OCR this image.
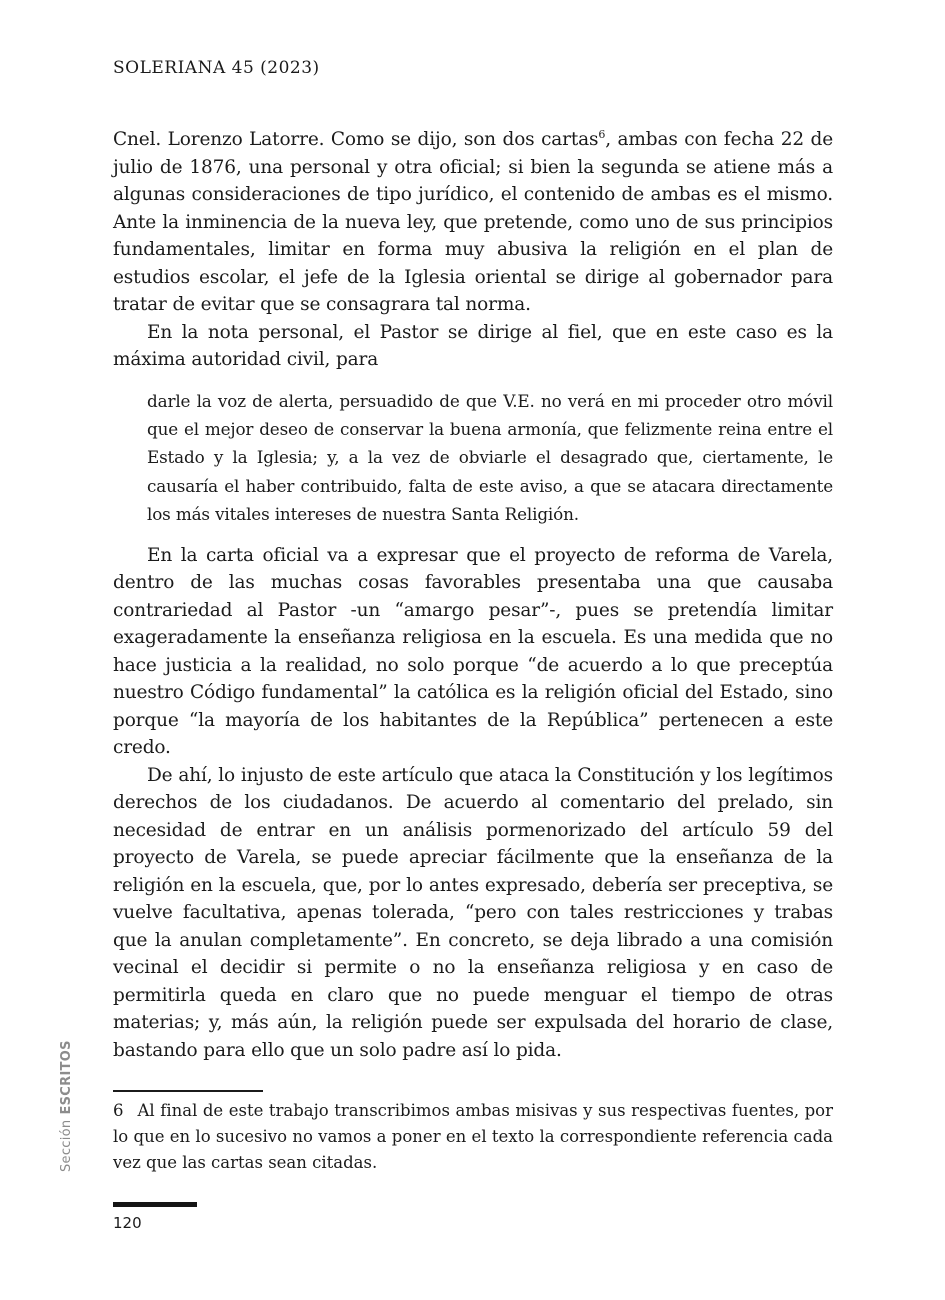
SOLERIANA 45 (2023)

Cnel. Lorenzo Latorre. Como se dijo, son dos cartas$^6$, ambas con fecha 22 de julio de 1876, una personal y otra oficial; si bien la segunda se atiene más a algunas consideraciones de tipo jurídico, el contenido de ambas es el mismo. Ante la inminencia de la nueva ley, que pretende, como uno de sus principios fundamentales, limitar en forma muy abusiva la religión en el plan de estudios escolar, el jefe de la Iglesia oriental se dirige al gobernador para tratar de evitar que se consagrara tal norma.

En la nota personal, el Pastor se dirige al fiel, que en este caso es la máxima autoridad civil, para

darle la voz de alerta, persuadido de que V.E. no verá en mi proceder otro móvil que el mejor deseo de conservar la buena armonía, que felizmente reina entre el Estado y la Iglesia; y, a la vez de obviarle el desagrado que, ciertamente, le causaría el haber contribuido, falta de este aviso, a que se atacara directamente los más vitales intereses de nuestra Santa Religión.

En la carta oficial va a expresar que el proyecto de reforma de Varela, dentro de las muchas cosas favorables presentaba una que causaba contrariedad al Pastor -un “amargo pesar”-, pues se pretendía limitar exageradamente la enseñanza religiosa en la escuela. Es una medida que no hace justicia a la realidad, no solo porque “de acuerdo a lo que preceptúa nuestro Código fundamental” la católica es la religión oficial del Estado, sino porque “la mayoría de los habitantes de la República” pertenecen a este credo.

De ahí, lo injusto de este artículo que ataca la Constitución y los legítimos derechos de los ciudadanos. De acuerdo al comentario del prelado, sin necesidad de entrar en un análisis pormenorizado del artículo 59 del proyecto de Varela, se puede apreciar fácilmente que la enseñanza de la religión en la escuela, que, por lo antes expresado, debería ser preceptiva, se vuelve facultativa, apenas tolerada, “pero con tales restricciones y trabas que la anulan completamente”. En concreto, se deja librado a una comisión vecinal el decidir si permite o no la enseñanza religiosa y en caso de permitirla queda en claro que no puede menguar el tiempo de otras materias; y, más aún, la religión puede ser expulsada del horario de clase, bastando para ello que un solo padre así lo pida.

SecciónESCRITOS 6 Al final de este trabajo transcribimos ambas misivas y sus respectivas fuentes, por lo que en lo sucesivo no vamos a poner en el texto la correspondiente referencia cada vez que las cartas sean citadas.
120
